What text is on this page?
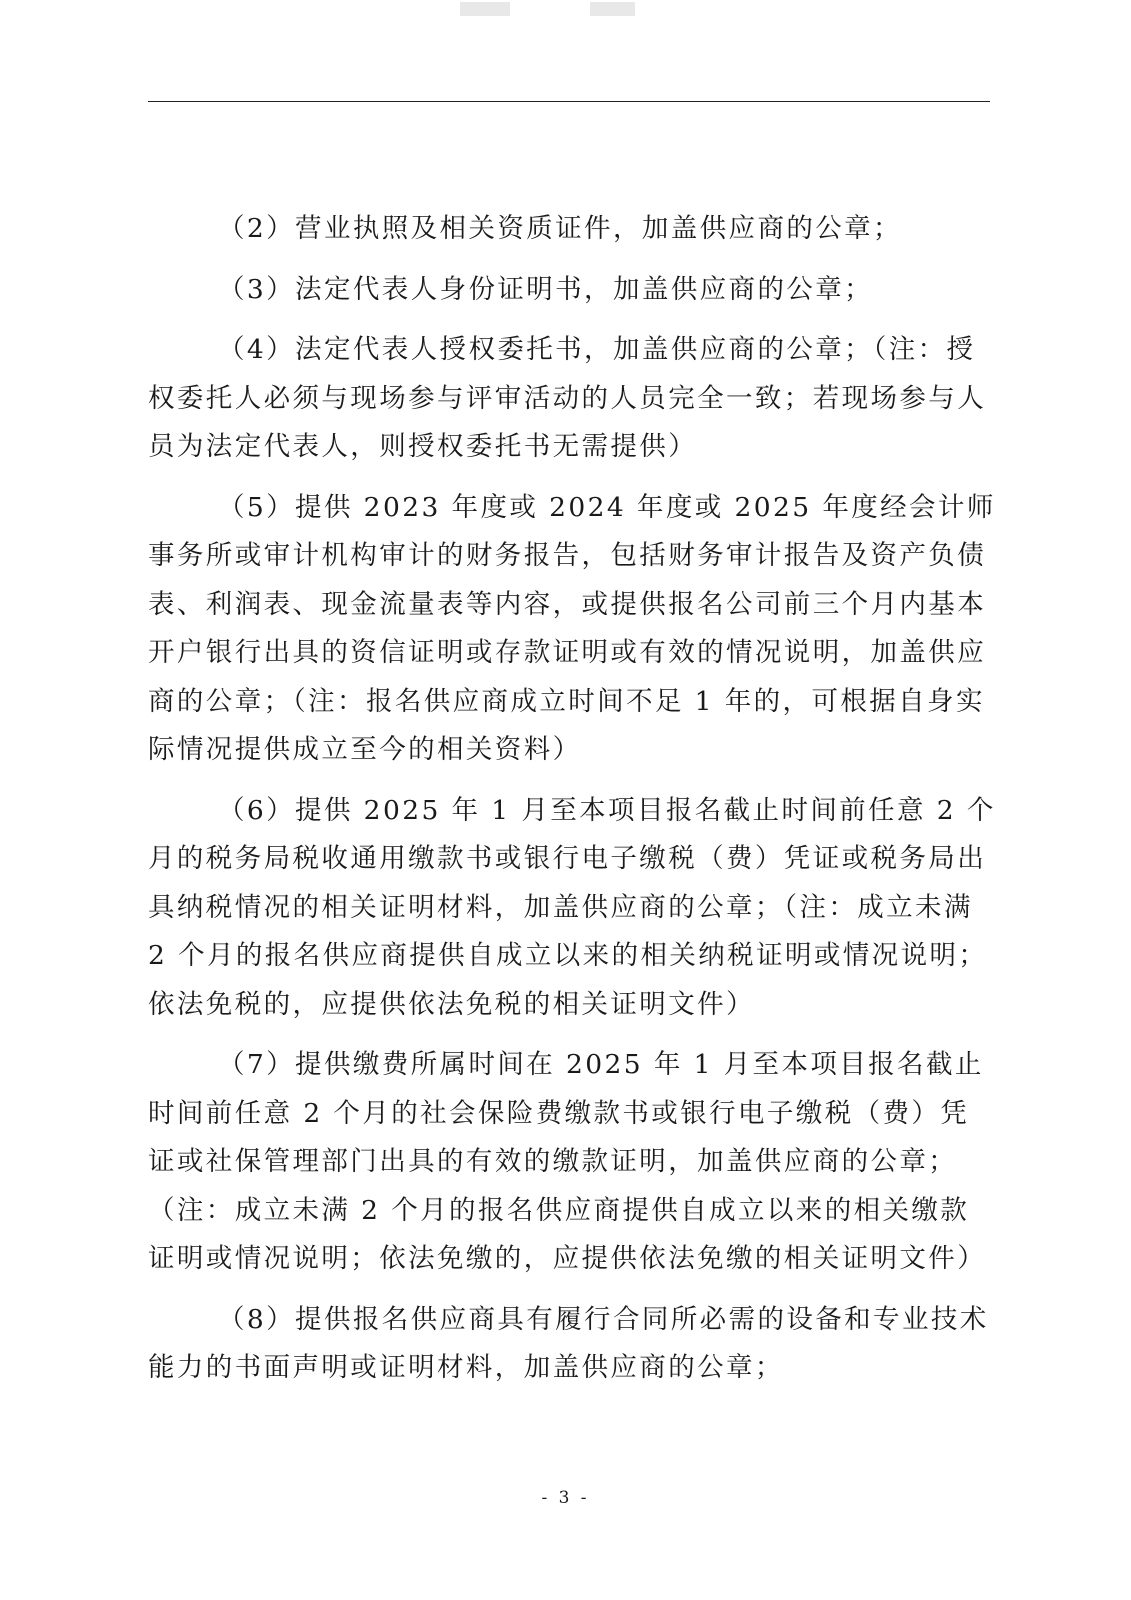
（2）营业执照及相关资质证件，加盖供应商的公章；

（3）法定代表人身份证明书，加盖供应商的公章；

（4）法定代表人授权委托书，加盖供应商的公章；（注：授权委托人必须与现场参与评审活动的人员完全一致；若现场参与人员为法定代表人，则授权委托书无需提供）

（5）提供 2023 年度或 2024 年度或 2025 年度经会计师事务所或审计机构审计的财务报告，包括财务审计报告及资产负债表、利润表、现金流量表等内容，或提供报名公司前三个月内基本开户银行出具的资信证明或存款证明或有效的情况说明，加盖供应商的公章；（注：报名供应商成立时间不足 1 年的，可根据自身实际情况提供成立至今的相关资料）

（6）提供 2025 年 1 月至本项目报名截止时间前任意 2 个月的税务局税收通用缴款书或银行电子缴税（费）凭证或税务局出具纳税情况的相关证明材料，加盖供应商的公章；（注：成立未满 2 个月的报名供应商提供自成立以来的相关纳税证明或情况说明；依法免税的，应提供依法免税的相关证明文件）

（7）提供缴费所属时间在 2025 年 1 月至本项目报名截止时间前任意 2 个月的社会保险费缴款书或银行电子缴税（费）凭证或社保管理部门出具的有效的缴款证明，加盖供应商的公章；（注：成立未满 2 个月的报名供应商提供自成立以来的相关缴款证明或情况说明；依法免缴的，应提供依法免缴的相关证明文件）

（8）提供报名供应商具有履行合同所必需的设备和专业技术能力的书面声明或证明材料，加盖供应商的公章；

- 3 -
